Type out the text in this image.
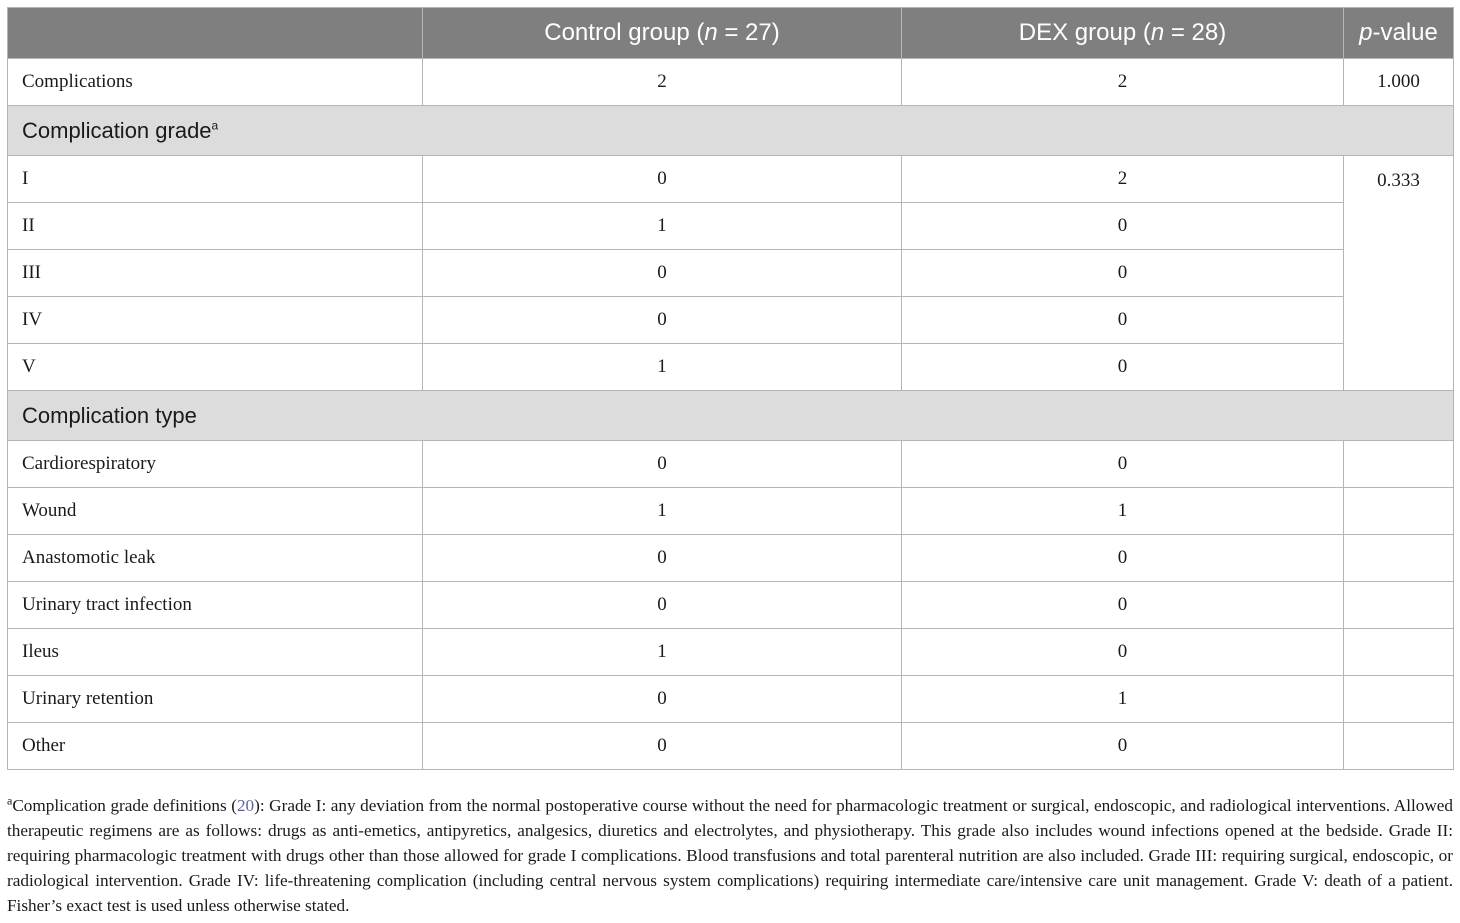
	Control group (n = 27)	DEX group (n = 28)	p-value
Complications	2	2	1.000
Complication grade$^a$
I	0	2	0.333
II	1	0	
III	0	0	
IV	0	0	
V	1	0	
Complication type			
Cardiorespiratory	0	0	
Wound	1	1	
Anastomotic leak	0	0	
Urinary tract infection	0	0	
Ileus	1	0	
Urinary retention	0	1	
Other	0	0	
$^a$Complication grade definitions (20): Grade I: any deviation from the normal postoperative course without the need for pharmacologic treatment or surgical, endoscopic, and radiological interventions. Allowed therapeutic regimens are as follows: drugs as anti-emetics, antipyretics, analgesics, diuretics and electrolytes, and physiotherapy. This grade also includes wound infections opened at the bedside. Grade II: requiring pharmacologic treatment with drugs other than those allowed for grade I complications. Blood transfusions and total parenteral nutrition are also included. Grade III: requiring surgical, endoscopic, or radiological intervention. Grade IV: life-threatening complication (including central nervous system complications) requiring intermediate care/intensive care unit management. Grade V: death of a patient. Fisher’s exact test is used unless otherwise stated.
